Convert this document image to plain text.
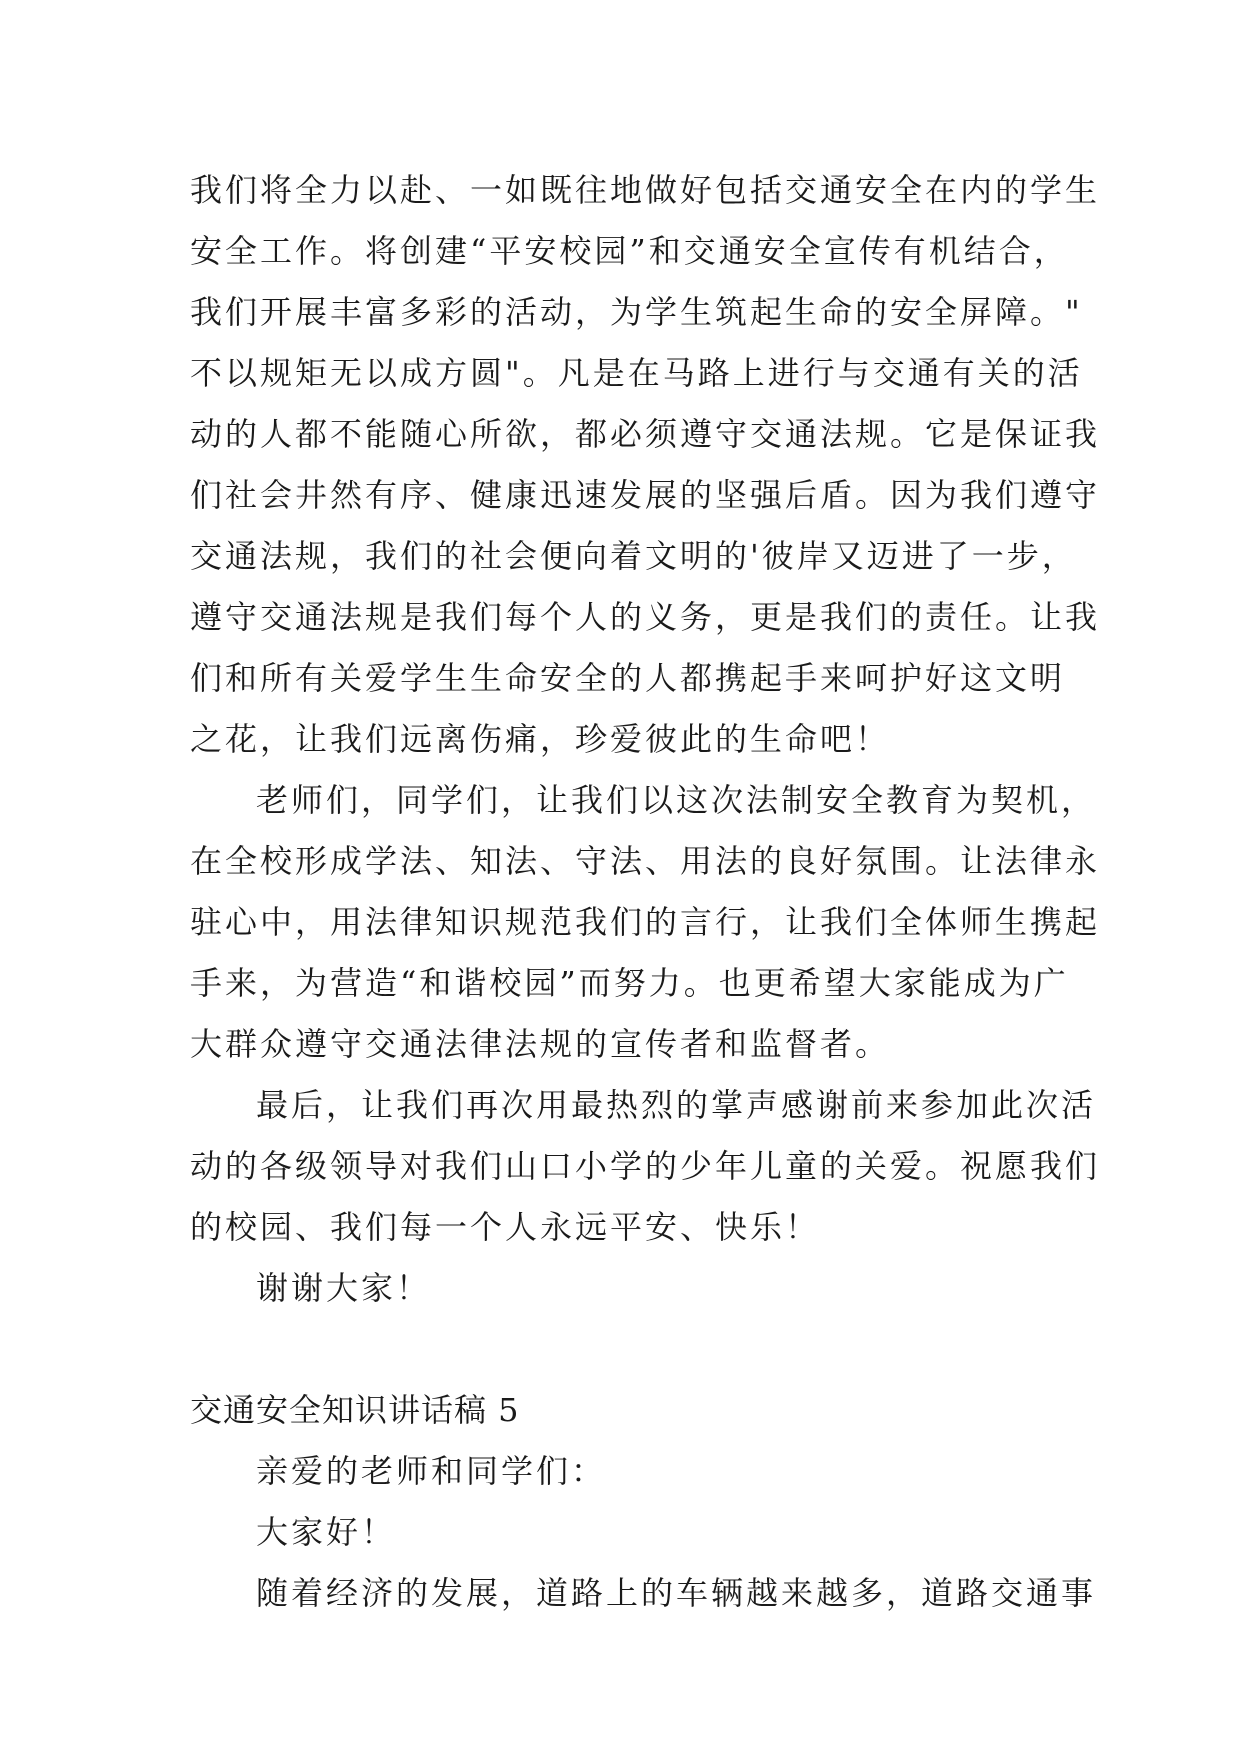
我们将全力以赴、一如既往地做好包括交通安全在内的学生
安全工作。将创建“平安校园”和交通安全宣传有机结合，
我们开展丰富多彩的活动，为学生筑起生命的安全屏障。"
不以规矩无以成方圆"。凡是在马路上进行与交通有关的活
动的人都不能随心所欲，都必须遵守交通法规。它是保证我
们社会井然有序、健康迅速发展的坚强后盾。因为我们遵守
交通法规，我们的社会便向着文明的'彼岸又迈进了一步，
遵守交通法规是我们每个人的义务，更是我们的责任。让我
们和所有关爱学生生命安全的人都携起手来呵护好这文明
之花，让我们远离伤痛，珍爱彼此的生命吧！
老师们，同学们，让我们以这次法制安全教育为契机，
在全校形成学法、知法、守法、用法的良好氛围。让法律永
驻心中，用法律知识规范我们的言行，让我们全体师生携起
手来，为营造“和谐校园”而努力。也更希望大家能成为广
大群众遵守交通法律法规的宣传者和监督者。
最后，让我们再次用最热烈的掌声感谢前来参加此次活
动的各级领导对我们山口小学的少年儿童的关爱。祝愿我们
的校园、我们每一个人永远平安、快乐！
谢谢大家！
交通安全知识讲话稿 5
亲爱的老师和同学们：
大家好！
随着经济的发展，道路上的车辆越来越多，道路交通事
